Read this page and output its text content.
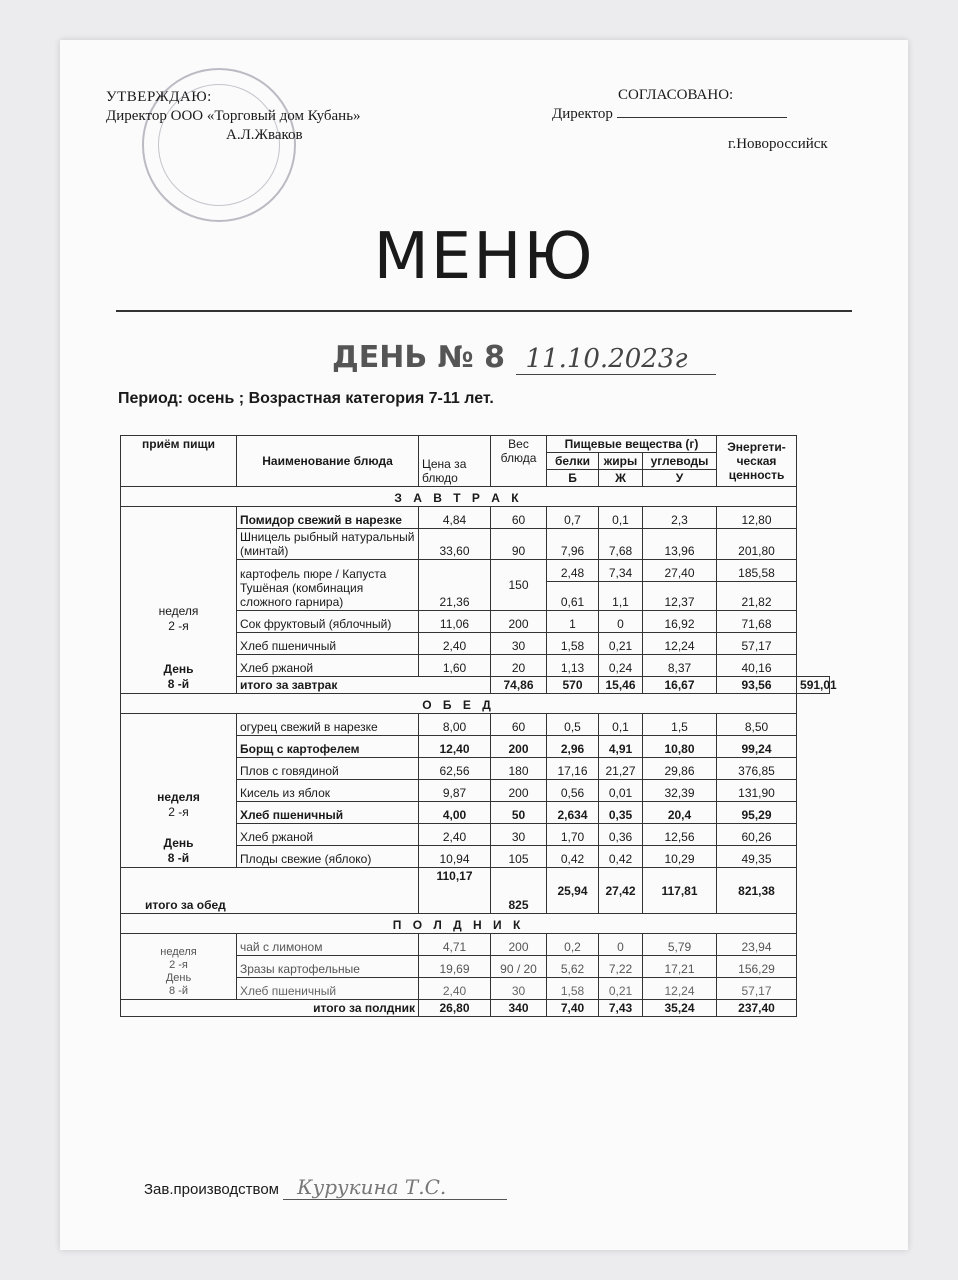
УТВЕРЖДАЮ:
Директор ООО «Торговый дом Кубань»
А.Л.Жваков
СОГЛАСОВАНО:
Директор
г.Новороссийск
МЕНЮ
ДЕНЬ № 8 11.10.2023г
Период: осень ; Возрастная категория 7-11 лет.
приём пищи	Наименование блюда	Цена за блюдо	Вес блюда	Пищевые вещества (г)			Энергети-ческая ценность	
				белки	жиры	углеводы		
				Б	Ж	У		
З А В Т Р А К								

неделя
2 -я
День
8 -й	Помидор свежий в нарезке	4,84	60	0,7	0,1	2,3	12,80	
	Шницель рыбный натуральный (минтай)	33,60	90	7,96	7,68	13,96	201,80	
	картофель пюре / Капуста Тушёная (комбинация сложного гарнира)	21,36	150	2,48	7,34	27,40	185,58	
				0,61	1,1	12,37	21,82	
	Сок фруктовый (яблочный)	11,06	200	1	0	16,92	71,68	
	Хлеб пшеничный	2,40	30	1,58	0,21	12,24	57,17	
	Хлеб ржаной	1,60	20	1,13	0,24	8,37	40,16	
	итого за завтрак		74,86	570	15,46	16,67	93,56	591,01
О Б Е Д								

неделя
2 -я
День
8 -й	огурец свежий в нарезке	8,00	60	0,5	0,1	1,5	8,50	
	Борщ с картофелем	12,40	200	2,96	4,91	10,80	99,24	
	Плов с говядиной	62,56	180	17,16	21,27	29,86	376,85	
	Кисель из яблок	9,87	200	0,56	0,01	32,39	131,90	
	Хлеб пшеничный	4,00	50	2,634	0,35	20,4	95,29	
	Хлеб ржаной	2,40	30	1,70	0,36	12,56	60,26	
	Плоды свежие (яблоко)	10,94	105	0,42	0,42	10,29	49,35	
итого за обед		110,17	825	25,94	27,42	117,81	821,38	
П О Л Д Н И К								

неделя
2 -я
День
8 -й	чай с лимоном	4,71	200	0,2	0	5,79	23,94	
	Зразы картофельные	19,69	90 / 20	5,62	7,22	17,21	156,29	
	Хлеб пшеничный	2,40	30	1,58	0,21	12,24	57,17	
итого за полдник		26,80	340	7,40	7,43	35,24	237,40	
Зав.производством Курукина Т.С.
